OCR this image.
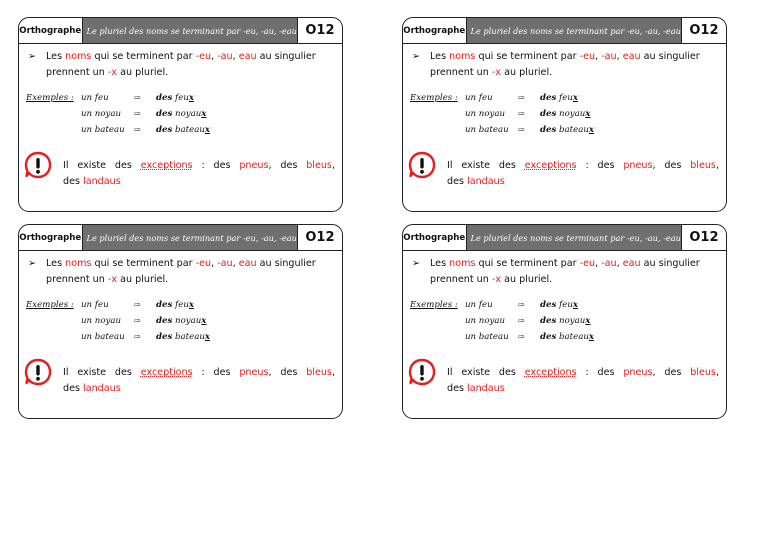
Orthographe Le pluriel des noms se terminant par -eu, -au, -eau O12
➢ Les noms qui se terminent par -eu, -au, eau au singulier
prennent un -x au pluriel.
Exemples : un feu	⇨ des feux
un noyau ⇨ des noyaux
un bateau ⇨ des bateaux
Il existe des exceptions : des pneus, des bleus,
des landaus
Orthographe Le pluriel des noms se terminant par -eu, -au, -eau O12
➢ Les noms qui se terminent par -eu, -au, eau au singulier
prennent un -x au pluriel.
Exemples : un feu	⇨ des feux
un noyau ⇨ des noyaux
un bateau ⇨ des bateaux
Il existe des exceptions : des pneus, des bleus,
des landaus
Orthographe Le pluriel des noms se terminant par -eu, -au, -eau O12
➢ Les noms qui se terminent par -eu, -au, eau au singulier
prennent un -x au pluriel.
Exemples : un feu	⇨ des feux
un noyau ⇨ des noyaux
un bateau ⇨ des bateaux
Il existe des exceptions : des pneus, des bleus,
des landaus
Orthographe Le pluriel des noms se terminant par -eu, -au, -eau O12
➢ Les noms qui se terminent par -eu, -au, eau au singulier
prennent un -x au pluriel.
Exemples : un feu	⇨ des feux
un noyau ⇨ des noyaux
un bateau ⇨ des bateaux
Il existe des exceptions : des pneus, des bleus,
des landaus
